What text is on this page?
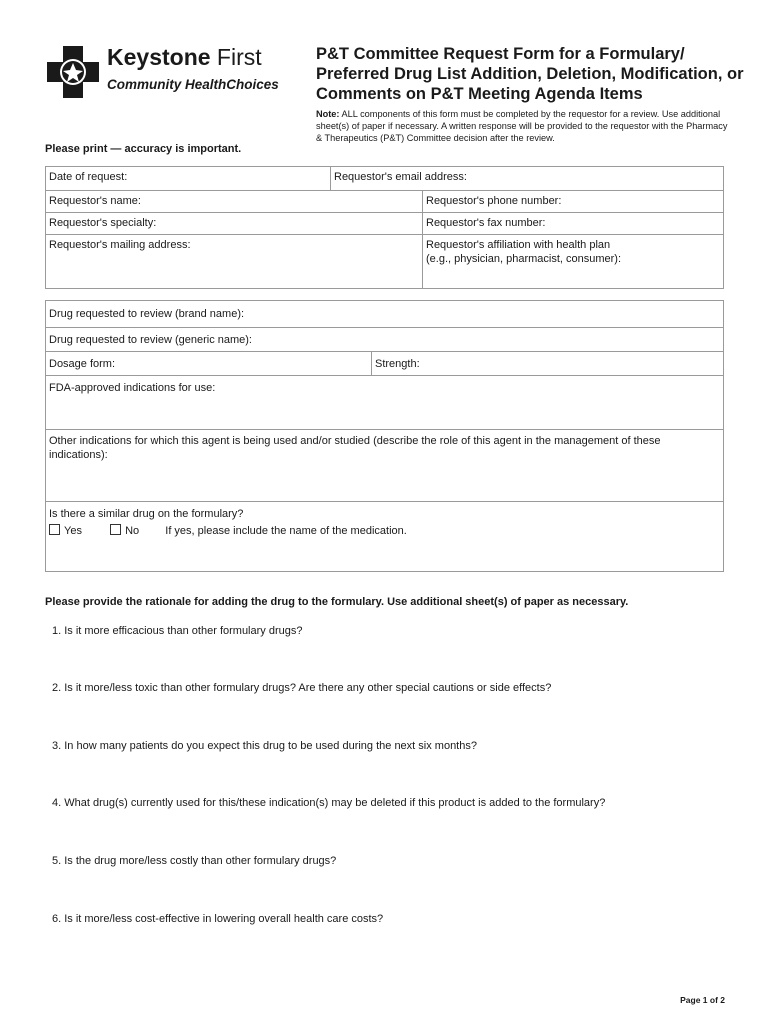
Keystone First
Community HealthChoices
P&T Committee Request Form for a Formulary/ Preferred Drug List Addition, Deletion, Modification, or Comments on P&T Meeting Agenda Items
Note: ALL components of this form must be completed by the requestor for a review. Use additional sheet(s) of paper if necessary. A written response will be provided to the requestor with the Pharmacy & Therapeutics (P&T) Committee decision after the review.
Please print — accuracy is important.
Date of request:	Requestor's email address:
Requestor's name:	Requestor's phone number:
Requestor's specialty:	Requestor's fax number:
Requestor's mailing address:	Requestor's affiliation with health plan
(e.g., physician, pharmacist, consumer):
Drug requested to review (brand name):
Drug requested to review (generic name):
Dosage form:	Strength:
FDA-approved indications for use:
Other indications for which this agent is being used and/or studied (describe the role of this agent in the management of these indications):
Is there a similar drug on the formulary?
Yes	No If yes, please include the name of the medication.
Please provide the rationale for adding the drug to the formulary. Use additional sheet(s) of paper as necessary.
1. Is it more efficacious than other formulary drugs?
2. Is it more/less toxic than other formulary drugs? Are there any other special cautions or side effects?
3. In how many patients do you expect this drug to be used during the next six months?
4. What drug(s) currently used for this/these indication(s) may be deleted if this product is added to the formulary?
5. Is the drug more/less costly than other formulary drugs?
6. Is it more/less cost-effective in lowering overall health care costs?
Page 1 of 2
